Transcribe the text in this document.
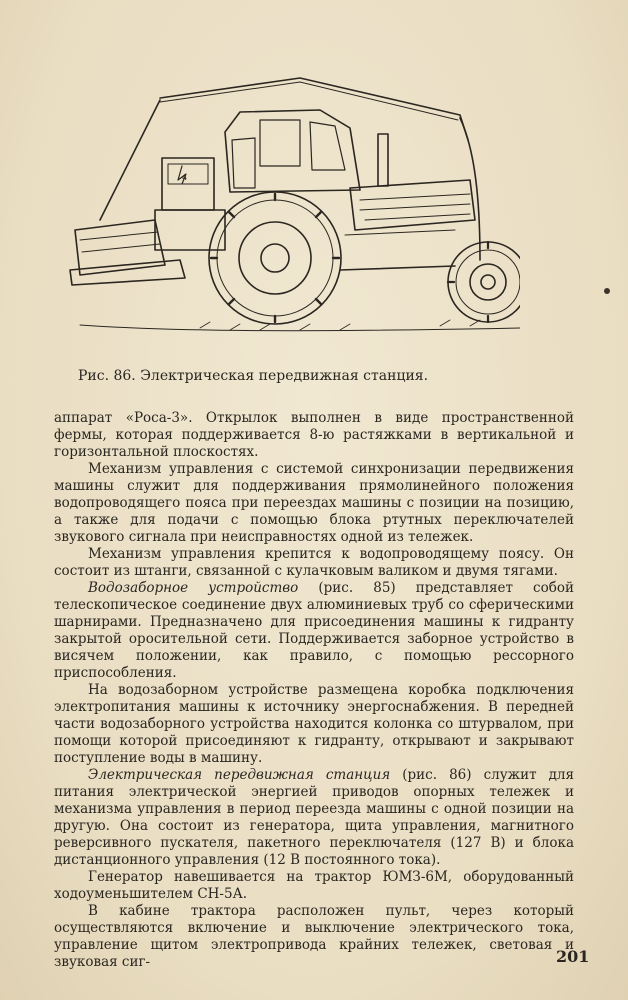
4
Рис. 86. Электрическая передвижная станция.

аппарат «Роса-3». Открылок выполнен в виде пространственной фермы, которая поддерживается 8-ю растяжками в вертикальной и горизонтальной плоскостях.

Механизм управления с системой синхронизации передвижения машины служит для поддерживания прямолинейного положения водопроводящего пояса при переездах машины с позиции на позицию, а также для подачи с помощью блока ртутных переключателей звукового сигнала при неисправностях одной из тележек.

Механизм управления крепится к водопроводящему поясу. Он состоит из штанги, связанной с кулачковым валиком и двумя тягами.

Водозаборное устройство (рис. 85) представляет собой телескопическое соединение двух алюминиевых труб со сферическими шарнирами. Предназначено для присоединения машины к гидранту закрытой оросительной сети. Поддерживается заборное устройство в висячем положении, как правило, с помощью рессорного приспособления.

На водозаборном устройстве размещена коробка подключения электропитания машины к источнику энергоснабжения. В передней части водозаборного устройства находится колонка со штурвалом, при помощи которой присоединяют к гидранту, открывают и закрывают поступление воды в машину.

Электрическая передвижная станция (рис. 86) служит для питания электрической энергией приводов опорных тележек и механизма управления в период переезда машины с одной позиции на другую. Она состоит из генератора, щита управления, магнитного реверсивного пускателя, пакетного переключателя (127 В) и блока дистанционного управления (12 В постоянного тока).

Генератор навешивается на трактор ЮМЗ-6М, оборудованный ходоуменьшителем СН-5А.

В кабине трактора расположен пульт, через который осуществляются включение и выключение электрического тока, управление щитом электропривода крайних тележек, световая и звуковая сиг-	201
